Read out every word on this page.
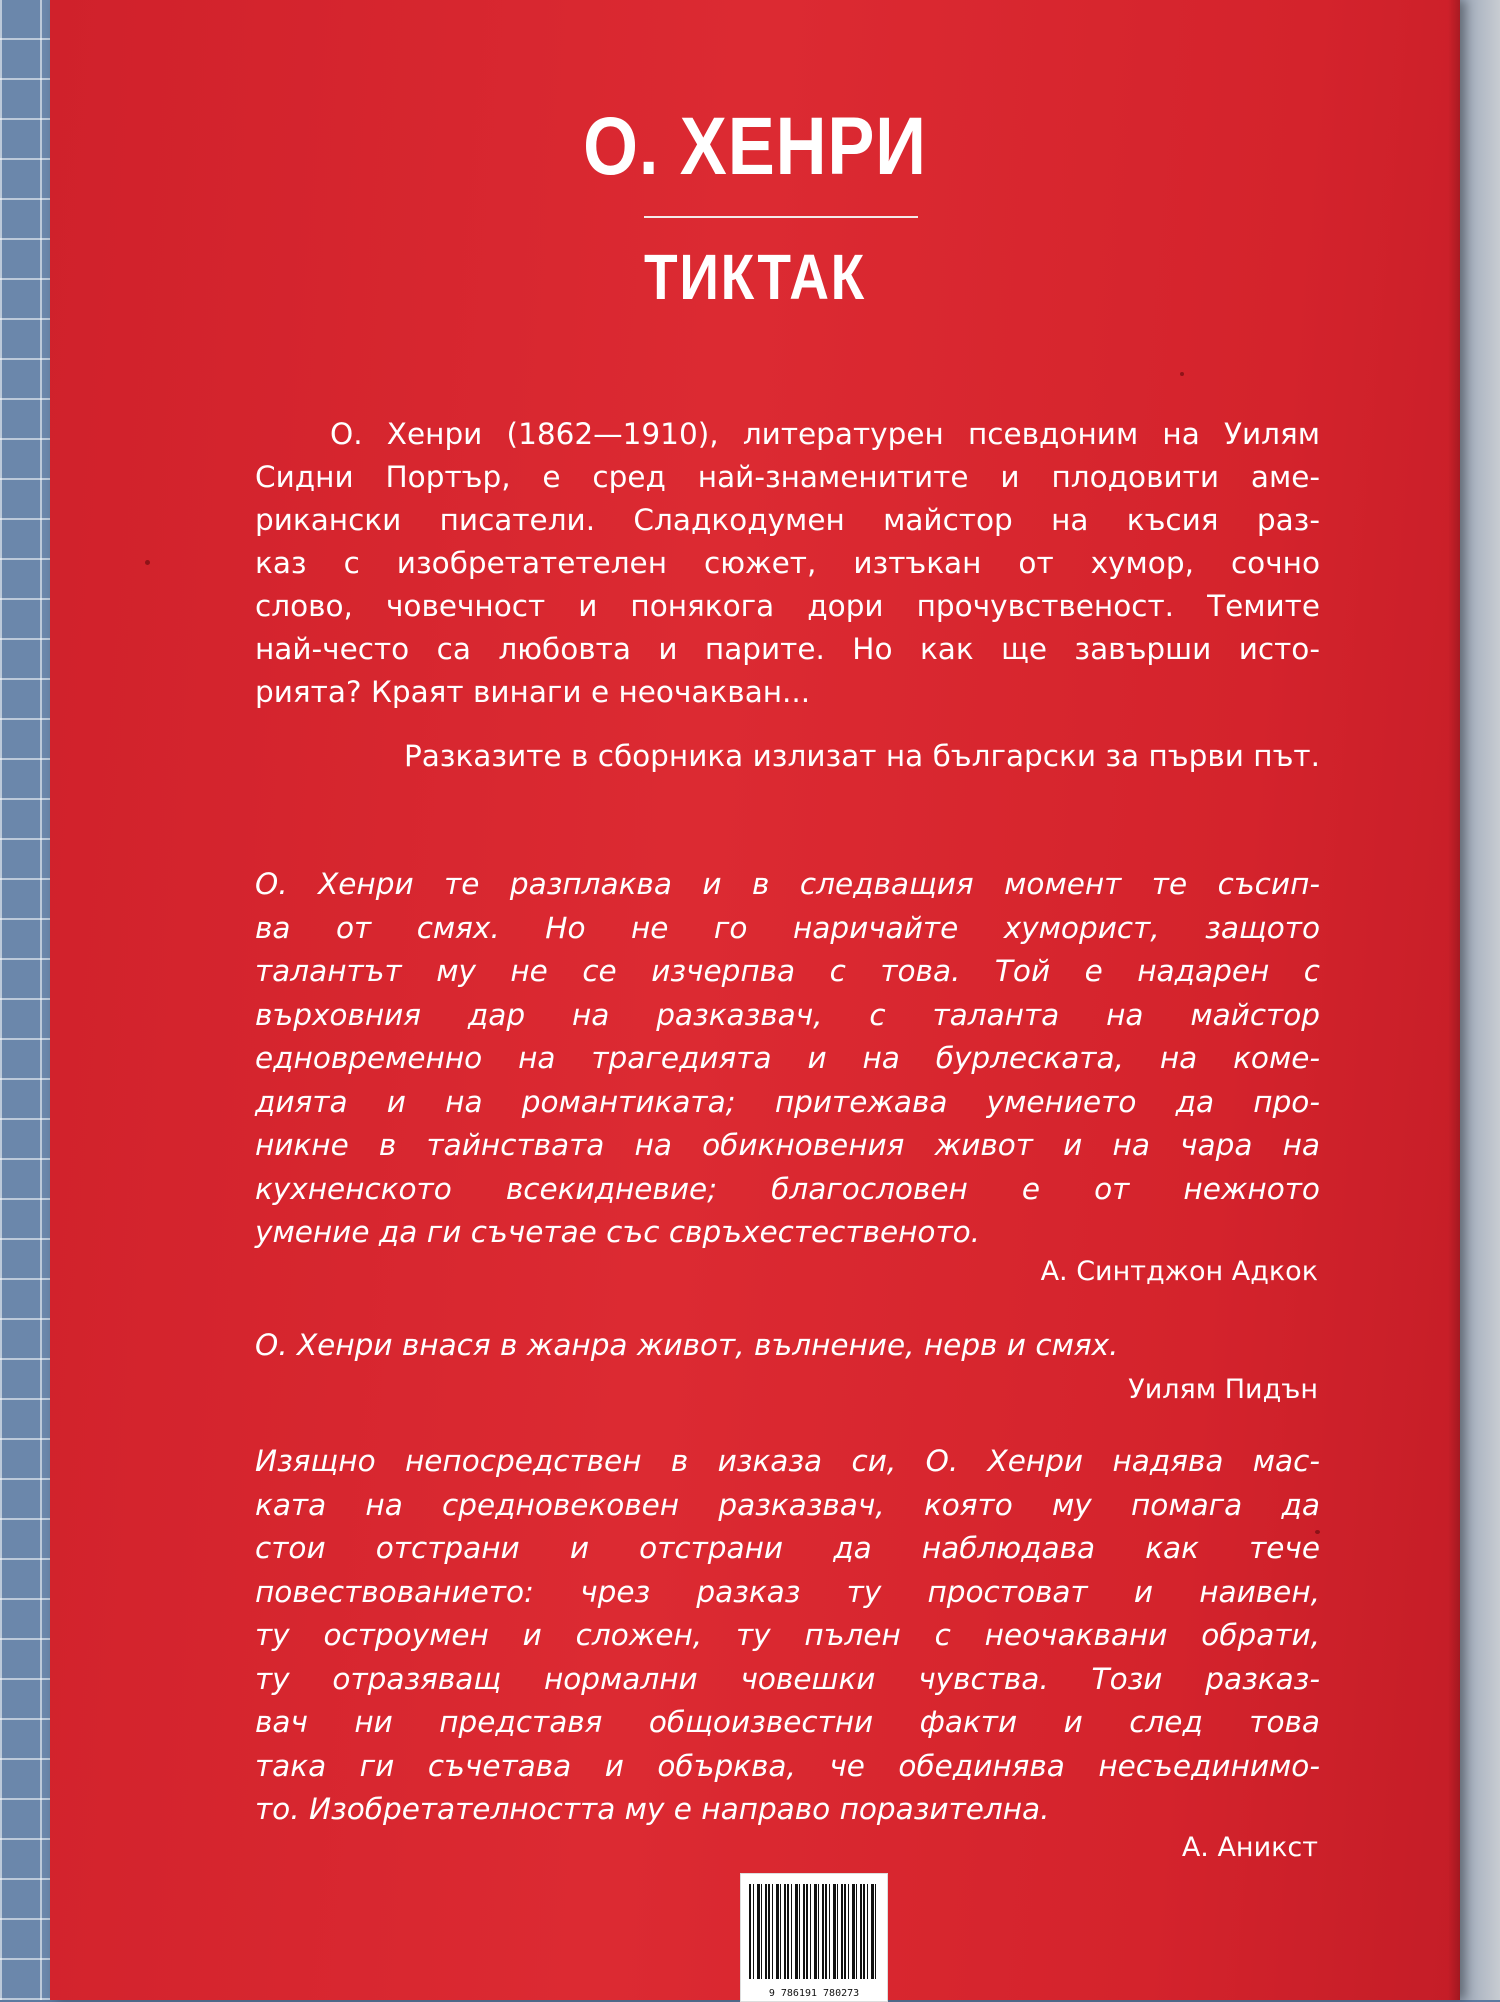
О. ХЕНРИ
ТИКТАК
О. Хенри (1862—1910), литературен псевдоним на Уилям
Сидни Портър, е сред най-знаменитите и плодовити аме-
рикански писатели. Сладкодумен майстор на късия раз-
каз с изобретатетелен сюжет, изтъкан от хумор, сочно
слово, човечност и понякога дори прочувственост. Темите
най-често са любовта и парите. Но как ще завърши исто-
рията? Краят винаги е неочакван...
Разказите в сборника излизат на български за първи път.
О. Хенри те разплаква и в следващия момент те съсип-
ва от смях. Но не го наричайте хуморист, защото
талантът му не се изчерпва с това. Той е надарен с
върховния дар на разказвач, с таланта на майстор
едновременно на трагедията и на бурлеската, на коме-
дията и на романтиката; притежава умението да про-
никне в тайнствата на обикновения живот и на чара на
кухненското всекидневие; благословен е от нежното
умение да ги съчетае със свръхестественото.
А. Синтджон Адкок
О. Хенри внася в жанра живот, вълнение, нерв и смях.
Уилям Пидън
Изящно непосредствен в изказа си, О. Хенри надява мас-
ката на средновековен разказвач, която му помага да
стои отстрани и отстрани да наблюдава как тече
повествованието: чрез разказ ту простоват и наивен,
ту остроумен и сложен, ту пълен с неочаквани обрати,
ту отразяващ нормални човешки чувства. Този разказ-
вач ни представя общоизвестни факти и след това
така ги съчетава и обърква, че обединява несъединимо-
то. Изобретателността му е направо поразителна.
А. Аникст
9 786191 780273
